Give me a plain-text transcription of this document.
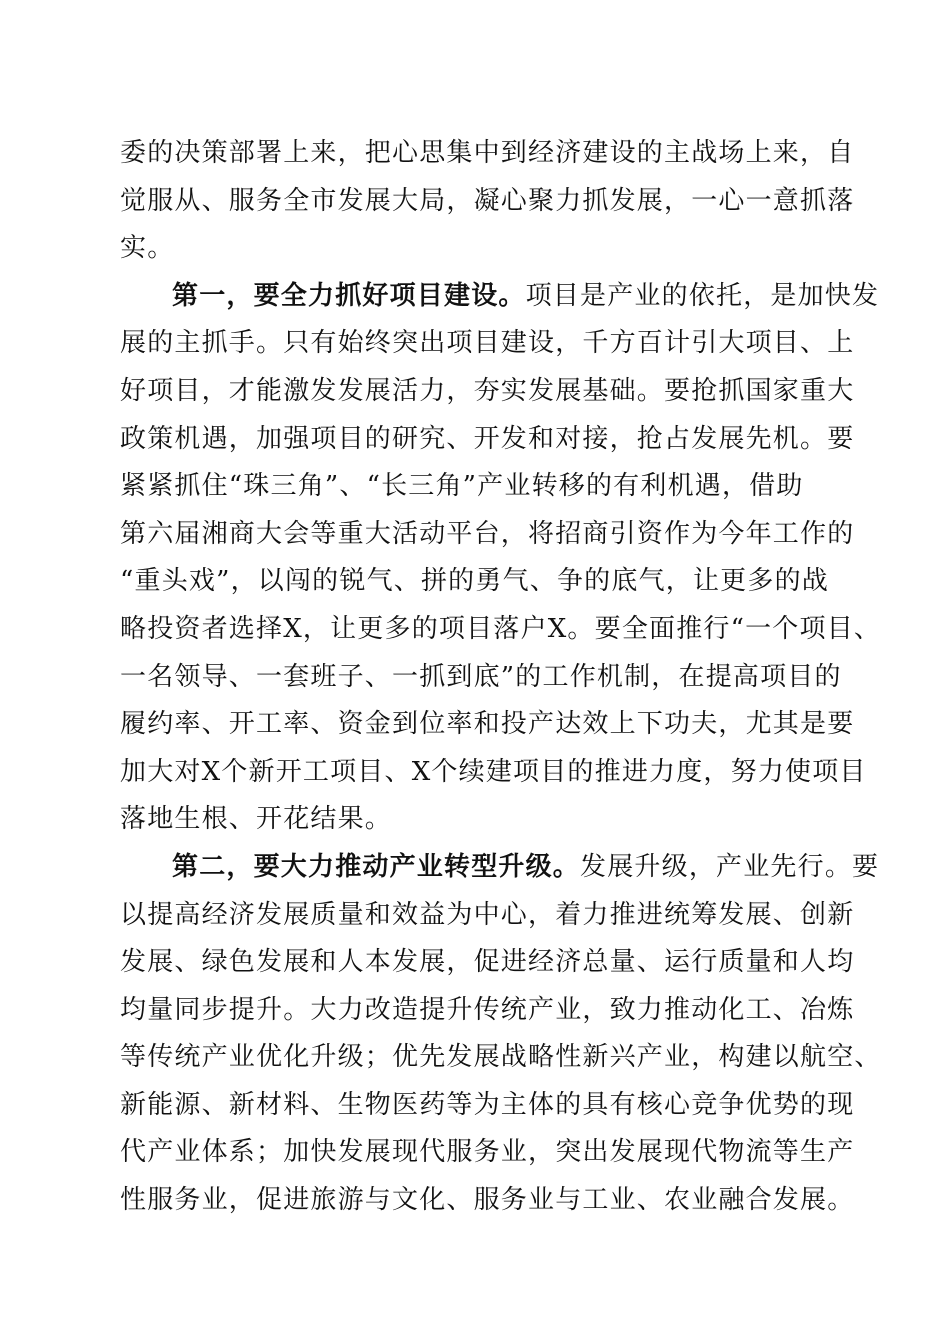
委的决策部署上来，把心思集中到经济建设的主战场上来，自
觉服从、服务全市发展大局，凝心聚力抓发展，一心一意抓落
实。
第一，要全力抓好项目建设。项目是产业的依托，是加快发
展的主抓手。只有始终突出项目建设，千方百计引大项目、上
好项目，才能激发发展活力，夯实发展基础。要抢抓国家重大
政策机遇，加强项目的研究、开发和对接，抢占发展先机。要
紧紧抓住“珠三角”、“长三角”产业转移的有利机遇，借助
第六届湘商大会等重大活动平台，将招商引资作为今年工作的
“重头戏”，以闯的锐气、拼的勇气、争的底气，让更多的战
略投资者选择X，让更多的项目落户X。要全面推行“一个项目、
一名领导、一套班子、一抓到底”的工作机制，在提高项目的
履约率、开工率、资金到位率和投产达效上下功夫，尤其是要
加大对X个新开工项目、X个续建项目的推进力度，努力使项目
落地生根、开花结果。
第二，要大力推动产业转型升级。发展升级，产业先行。要
以提高经济发展质量和效益为中心，着力推进统筹发展、创新
发展、绿色发展和人本发展，促进经济总量、运行质量和人均
均量同步提升。大力改造提升传统产业，致力推动化工、冶炼
等传统产业优化升级；优先发展战略性新兴产业，构建以航空、
新能源、新材料、生物医药等为主体的具有核心竞争优势的现
代产业体系；加快发展现代服务业，突出发展现代物流等生产
性服务业，促进旅游与文化、服务业与工业、农业融合发展。
